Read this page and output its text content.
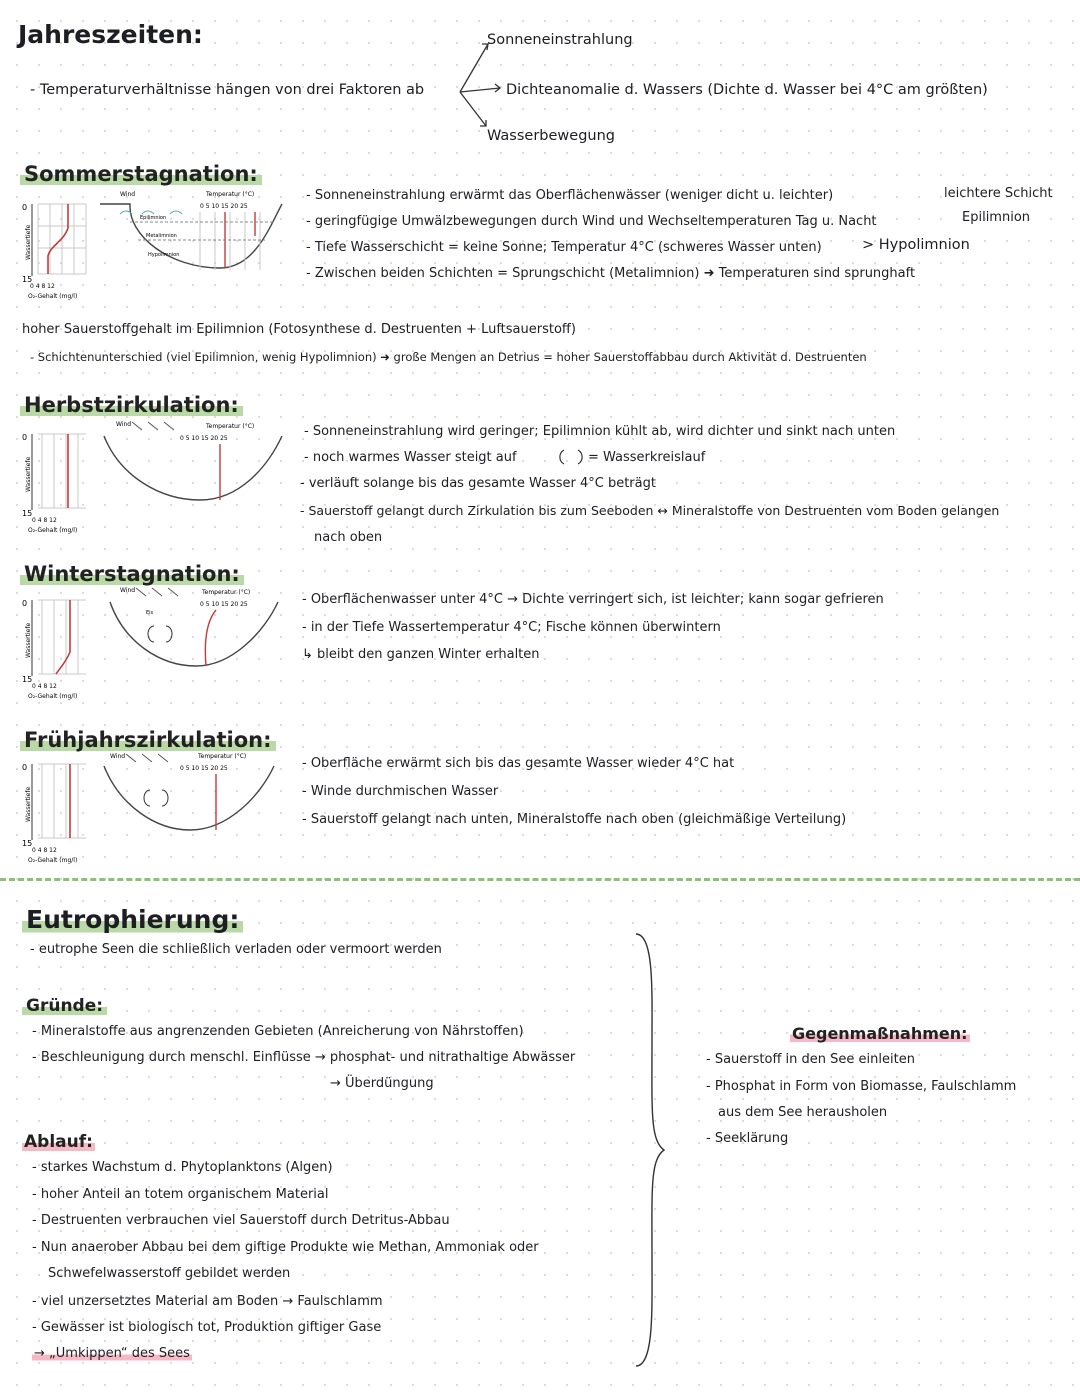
Jahreszeiten:
- Temperaturverhältnisse hängen von drei Faktoren ab
Sonneneinstrahlung
Dichteanomalie d. Wassers (Dichte d. Wasser bei 4°C am größten)
Wasserbewegung
Sommerstagnation:
0
15
0 4 8 12
O₂-Gehalt (mg/l)
Wassertiefe
Wind	Temperatur (°C)
0 5 10 15 20 25
Epilimnion
Metalimnion
Hypolimnion
- Sonneneinstrahlung erwärmt das Oberflächenwässer (weniger dicht u. leichter)
- geringfügige Umwälzbewegungen durch Wind und Wechseltemperaturen Tag u. Nacht
- Tiefe Wasserschicht = keine Sonne; Temperatur 4°C (schweres Wasser unten)	> Hypolimnion
- Zwischen beiden Schichten = Sprungschicht (Metalimnion) ➜ Temperaturen sind sprunghaft
leichtere Schicht
Epilimnion
hoher Sauerstoffgehalt im Epilimnion (Fotosynthese d. Destruenten + Luftsauerstoff)
- Schichtenunterschied (viel Epilimnion, wenig Hypolimnion) ➜ große Mengen an Detrius = hoher Sauerstoffabbau durch Aktivität d. Destruenten
Herbstzirkulation:
0
15
0 4 8 12
O₂-Gehalt (mg/l)
Wassertiefe
Wind	Temperatur (°C)
0 5 10 15 20 25	- Sonneneinstrahlung wird geringer; Epilimnion kühlt ab, wird dichter und sinkt nach unten
- noch warmes Wasser steigt auf	= Wasserkreislauf
- verläuft solange bis das gesamte Wasser 4°C beträgt
- Sauerstoff gelangt durch Zirkulation bis zum Seeboden ↔ Mineralstoffe von Destruenten vom Boden gelangen
nach oben
Winterstagnation:
0
15
0 4 8 12
O₂-Gehalt (mg/l)
Wassertiefe
Wind	Temperatur (°C)
0 5 10 15 20 25
Eis
- Oberflächenwasser unter 4°C → Dichte verringert sich, ist leichter; kann sogar gefrieren
- in der Tiefe Wassertemperatur 4°C; Fische können überwintern
↳ bleibt den ganzen Winter erhalten
Frühjahrszirkulation:
0
15
0 4 8 12
O₂-Gehalt (mg/l)
Wassertiefe
Wind	Temperatur (°C)
0 5 10 15 20 25	- Oberfläche erwärmt sich bis das gesamte Wasser wieder 4°C hat
- Winde durchmischen Wasser
- Sauerstoff gelangt nach unten, Mineralstoffe nach oben (gleichmäßige Verteilung)
Eutrophierung:
- eutrophe Seen die schließlich verladen oder vermoort werden
Gründe:
- Mineralstoffe aus angrenzenden Gebieten (Anreicherung von Nährstoffen)
- Beschleunigung durch menschl. Einflüsse → phosphat- und nitrathaltige Abwässer
→ Überdüngung
Ablauf:
- starkes Wachstum d. Phytoplanktons (Algen)
- hoher Anteil an totem organischem Material
- Destruenten verbrauchen viel Sauerstoff durch Detritus-Abbau
- Nun anaerober Abbau bei dem giftige Produkte wie Methan, Ammoniak oder
Schwefelwasserstoff gebildet werden
- viel unzersetztes Material am Boden → Faulschlamm
- Gewässer ist biologisch tot, Produktion giftiger Gase
→ „Umkippen“ des Sees
Gegenmaßnahmen:
- Sauerstoff in den See einleiten
- Phosphat in Form von Biomasse, Faulschlamm
aus dem See herausholen
- Seeklärung
